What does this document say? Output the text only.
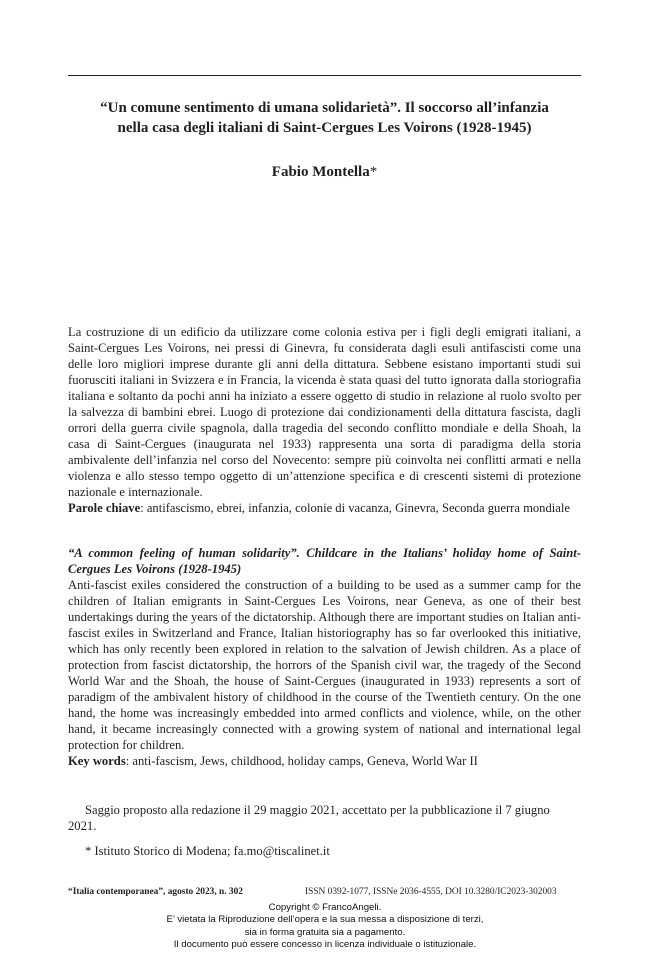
“Un comune sentimento di umana solidarietà”. Il soccorso all’infanzia
nella casa degli italiani di Saint-Cergues Les Voirons (1928-1945)
Fabio Montella*

La costruzione di un edificio da utilizzare come colonia estiva per i figli degli emigrati italiani, a Saint-Cergues Les Voirons, nei pressi di Ginevra, fu considerata dagli esuli antifascisti come una delle loro migliori imprese durante gli anni della dittatura. Sebbene esistano importanti studi sui fuorusciti italiani in Svizzera e in Francia, la vicenda è stata quasi del tutto ignorata dalla storiografia italiana e soltanto da pochi anni ha iniziato a essere oggetto di studio in relazione al ruolo svolto per la salvezza di bambini ebrei. Luogo di protezione dai condizionamenti della dittatura fascista, dagli orrori della guerra civile spagnola, dalla tragedia del secondo conflitto mondiale e della Shoah, la casa di Saint-Cergues (inaugurata nel 1933) rappresenta una sorta di paradigma della storia ambivalente dell’infanzia nel corso del Novecento: sempre più coinvolta nei conflitti armati e nella violenza e allo stesso tempo oggetto di un’attenzione specifica e di crescenti sistemi di protezione nazionale e internazionale.

Parole chiave: antifascismo, ebrei, infanzia, colonie di vacanza, Ginevra, Seconda guerra mondiale

“A common feeling of human solidarity”. Childcare in the Italians’ holiday home of Saint-Cergues Les Voirons (1928-1945)

Anti-fascist exiles considered the construction of a building to be used as a summer camp for the children of Italian emigrants in Saint-Cergues Les Voirons, near Geneva, as one of their best undertakings during the years of the dictatorship. Although there are important studies on Italian anti-fascist exiles in Switzerland and France, Italian historiography has so far overlooked this initiative, which has only recently been explored in relation to the salvation of Jewish children. As a place of protection from fascist dictatorship, the horrors of the Spanish civil war, the tragedy of the Second World War and the Shoah, the house of Saint-Cergues (inaugurated in 1933) represents a sort of paradigm of the ambivalent history of childhood in the course of the Twentieth century. On the one hand, the home was increasingly embedded into armed conflicts and violence, while, on the other hand, it became increasingly connected with a growing system of national and international legal protection for children.

Key words: anti-fascism, Jews, childhood, holiday camps, Geneva, World War II

Saggio proposto alla redazione il 29 maggio 2021, accettato per la pubblicazione il 7 giugno 2021.

* Istituto Storico di Modena; fa.mo@tiscalinet.it

“Italia contemporanea”, agosto 2023, n. 302	ISSN 0392-1077, ISSNe 2036-4555, DOI 10.3280/IC2023-302003
Copyright © FrancoAngeli.
E’ vietata la Riproduzione dell’opera e la sua messa a disposizione di terzi,
sia in forma gratuita sia a pagamento.
Il documento può essere concesso in licenza individuale o istituzionale.
